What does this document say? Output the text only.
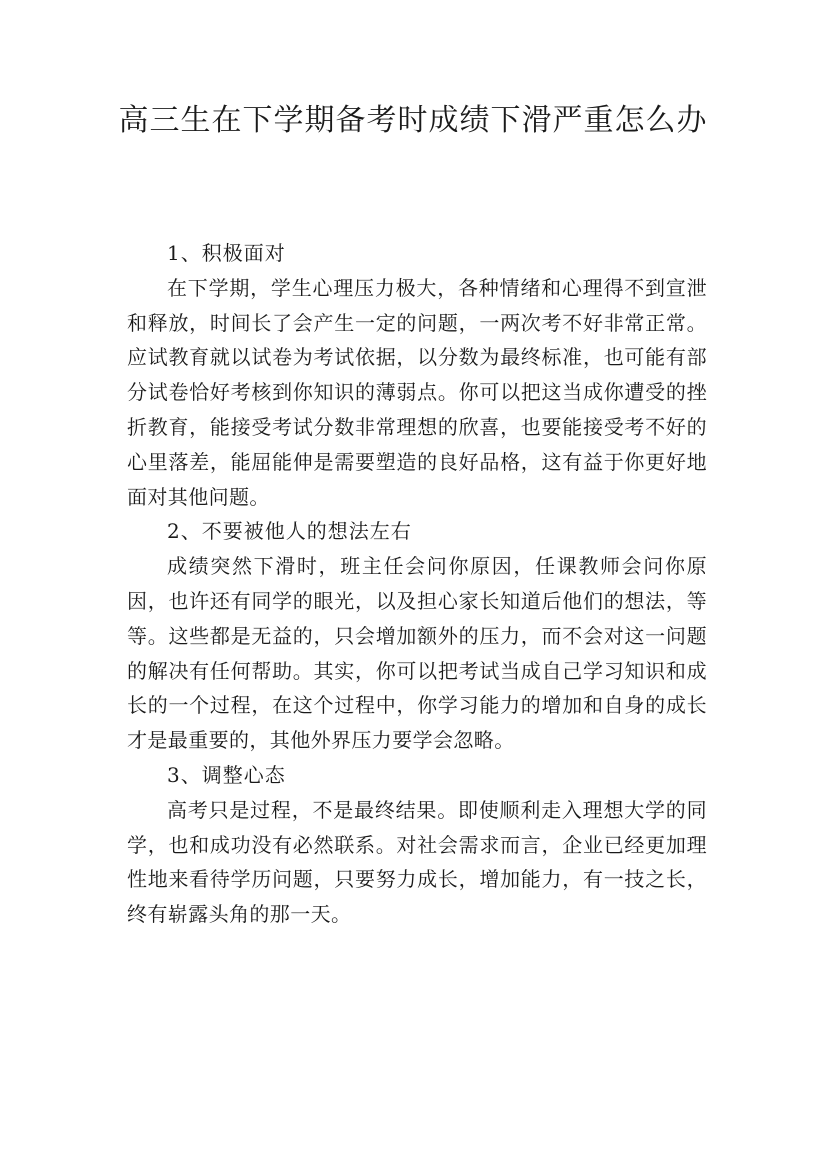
高三生在下学期备考时成绩下滑严重怎么办

1、积极面对

在下学期，学生心理压力极大，各种情绪和心理得不到宣泄和释放，时间长了会产生一定的问题，一两次考不好非常正常。应试教育就以试卷为考试依据，以分数为最终标准，也可能有部分试卷恰好考核到你知识的薄弱点。你可以把这当成你遭受的挫折教育，能接受考试分数非常理想的欣喜，也要能接受考不好的心里落差，能屈能伸是需要塑造的良好品格，这有益于你更好地面对其他问题。

2、不要被他人的想法左右

成绩突然下滑时，班主任会问你原因，任课教师会问你原因，也许还有同学的眼光，以及担心家长知道后他们的想法，等等。这些都是无益的，只会增加额外的压力，而不会对这一问题的解决有任何帮助。其实，你可以把考试当成自己学习知识和成长的一个过程，在这个过程中，你学习能力的增加和自身的成长才是最重要的，其他外界压力要学会忽略。

3、调整心态

高考只是过程，不是最终结果。即使顺利走入理想大学的同学，也和成功没有必然联系。对社会需求而言，企业已经更加理性地来看待学历问题，只要努力成长，增加能力，有一技之长，终有崭露头角的那一天。
